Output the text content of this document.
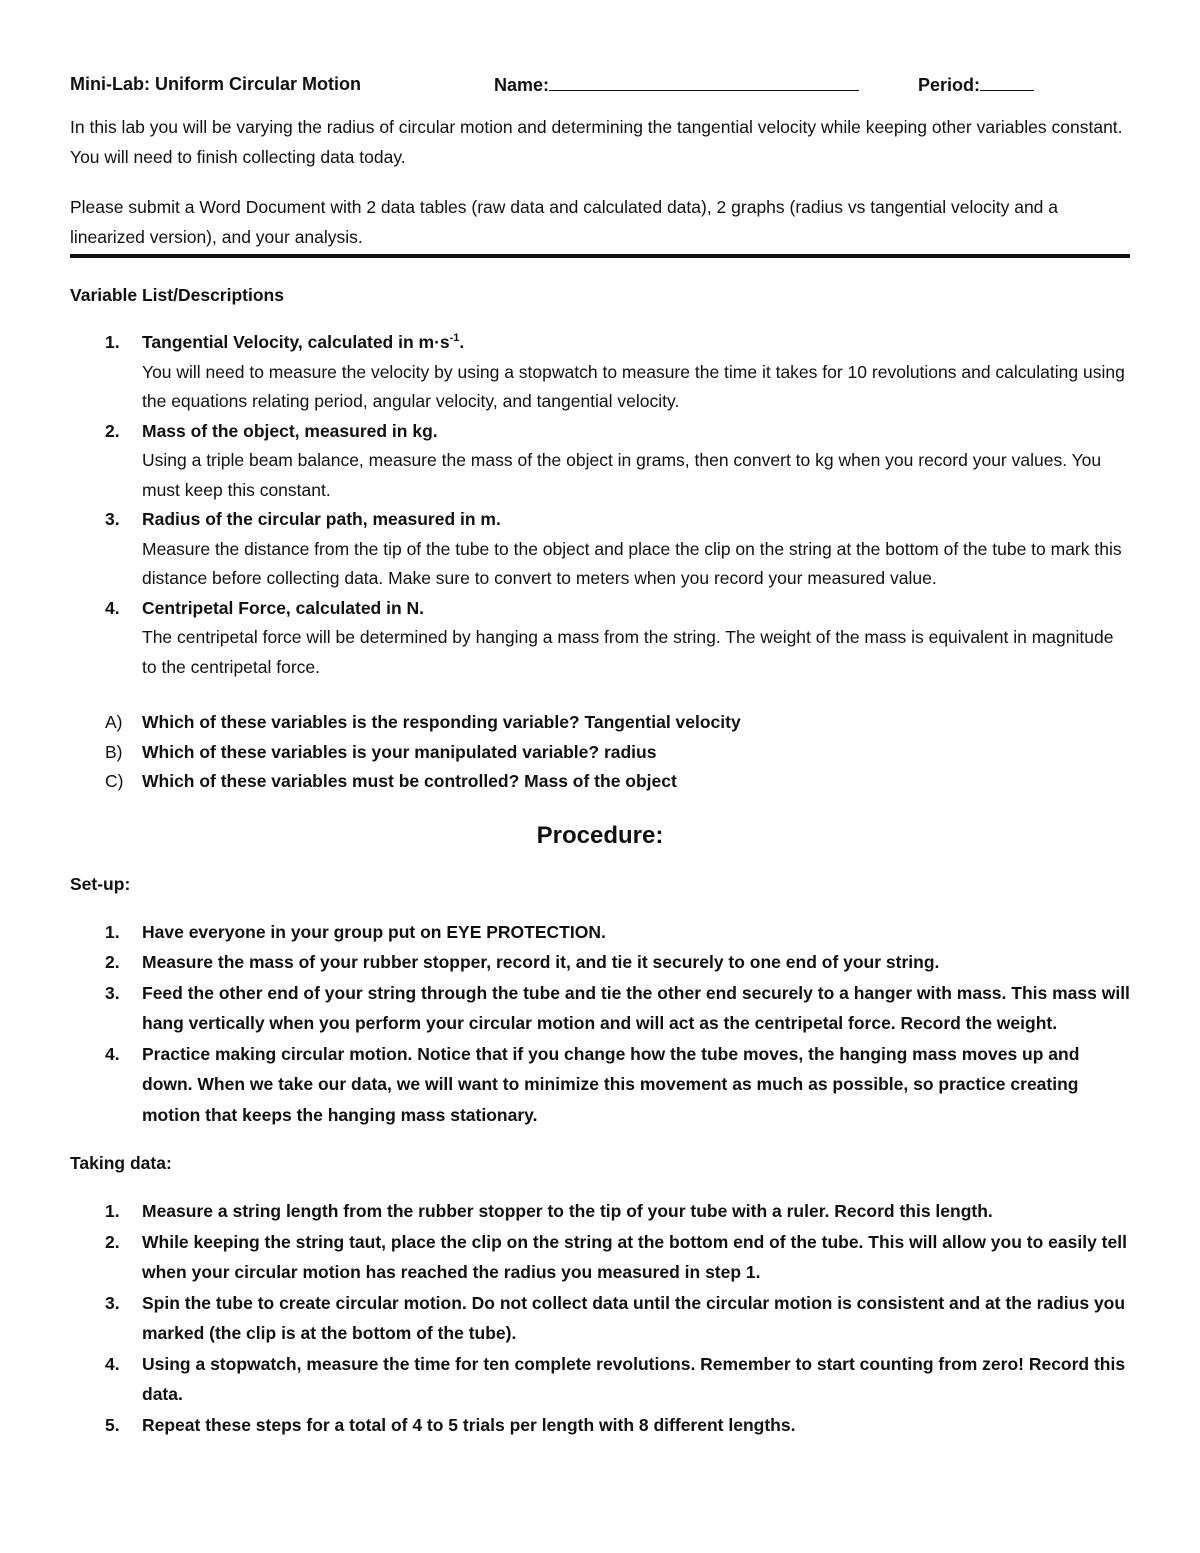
Mini-Lab: Uniform Circular Motion	Name:	Period:

In this lab you will be varying the radius of circular motion and determining the tangential velocity while keeping other variables constant. You will need to finish collecting data today.

Please submit a Word Document with 2 data tables (raw data and calculated data), 2 graphs (radius vs tangential velocity and a linearized version), and your analysis.

Variable List/Descriptions
1. Tangential Velocity, calculated in $m\cdot s^{-1}$.
You will need to measure the velocity by using a stopwatch to measure the time it takes for 10 revolutions and calculating using the equations relating period, angular velocity, and tangential velocity.
2. Mass of the object, measured in kg.
Using a triple beam balance, measure the mass of the object in grams, then convert to kg when you record your values. You must keep this constant.
3. Radius of the circular path, measured in m.
Measure the distance from the tip of the tube to the object and place the clip on the string at the bottom of the tube to mark this distance before collecting data. Make sure to convert to meters when you record your measured value.
4. Centripetal Force, calculated in N.
The centripetal force will be determined by hanging a mass from the string. The weight of the mass is equivalent in magnitude to the centripetal force.
A) Which of these variables is the responding variable? Tangential velocity
B) Which of these variables is your manipulated variable? radius
C) Which of these variables must be controlled? Mass of the object
Procedure:
Set-up:
1. Have everyone in your group put on EYE PROTECTION.
2. Measure the mass of your rubber stopper, record it, and tie it securely to one end of your string.
3. Feed the other end of your string through the tube and tie the other end securely to a hanger with mass. This mass will hang vertically when you perform your circular motion and will act as the centripetal force. Record the weight.
4. Practice making circular motion. Notice that if you change how the tube moves, the hanging mass moves up and down. When we take our data, we will want to minimize this movement as much as possible, so practice creating motion that keeps the hanging mass stationary.
Taking data:
1. Measure a string length from the rubber stopper to the tip of your tube with a ruler. Record this length.
2. While keeping the string taut, place the clip on the string at the bottom end of the tube. This will allow you to easily tell when your circular motion has reached the radius you measured in step 1.
3. Spin the tube to create circular motion. Do not collect data until the circular motion is consistent and at the radius you marked (the clip is at the bottom of the tube).
4. Using a stopwatch, measure the time for ten complete revolutions. Remember to start counting from zero! Record this data.
5. Repeat these steps for a total of 4 to 5 trials per length with 8 different lengths.
